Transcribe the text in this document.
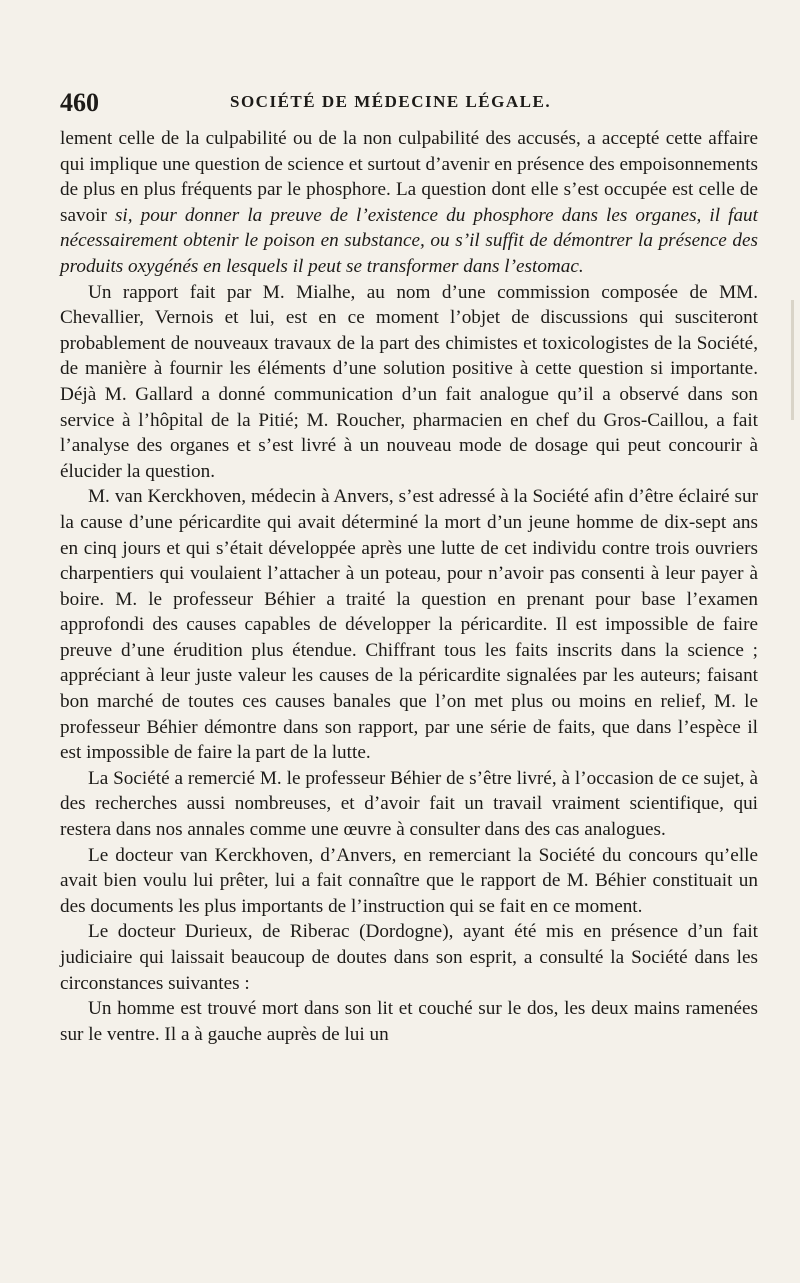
460	SOCIÉTÉ DE MÉDECINE LÉGALE.

lement celle de la culpabilité ou de la non culpabilité des accusés, a accepté cette affaire qui implique une question de science et surtout d’avenir en présence des empoisonnements de plus en plus fréquents par le phosphore. La question dont elle s’est occupée est celle de savoir si, pour donner la preuve de l’existence du phosphore dans les organes, il faut nécessairement obtenir le poison en substance, ou s’il suffit de démontrer la présence des produits oxygénés en lesquels il peut se transformer dans l’estomac.

Un rapport fait par M. Mialhe, au nom d’une commission composée de MM. Chevallier, Vernois et lui, est en ce moment l’objet de discussions qui susciteront probablement de nouveaux travaux de la part des chimistes et toxicologistes de la Société, de manière à fournir les éléments d’une solution positive à cette question si importante. Déjà M. Gallard a donné communication d’un fait analogue qu’il a observé dans son service à l’hôpital de la Pitié; M. Roucher, pharmacien en chef du Gros-Caillou, a fait l’analyse des organes et s’est livré à un nouveau mode de dosage qui peut concourir à élucider la question.

M. van Kerckhoven, médecin à Anvers, s’est adressé à la Société afin d’être éclairé sur la cause d’une péricardite qui avait déterminé la mort d’un jeune homme de dix-sept ans en cinq jours et qui s’était développée après une lutte de cet individu contre trois ouvriers charpentiers qui voulaient l’attacher à un poteau, pour n’avoir pas consenti à leur payer à boire. M. le professeur Béhier a traité la question en prenant pour base l’examen approfondi des causes capables de développer la péricardite. Il est impossible de faire preuve d’une érudition plus étendue. Chiffrant tous les faits inscrits dans la science ; appréciant à leur juste valeur les causes de la péricardite signalées par les auteurs; faisant bon marché de toutes ces causes banales que l’on met plus ou moins en relief, M. le professeur Béhier démontre dans son rapport, par une série de faits, que dans l’espèce il est impossible de faire la part de la lutte.

La Société a remercié M. le professeur Béhier de s’être livré, à l’occasion de ce sujet, à des recherches aussi nombreuses, et d’avoir fait un travail vraiment scientifique, qui restera dans nos annales comme une œuvre à consulter dans des cas analogues.

Le docteur van Kerckhoven, d’Anvers, en remerciant la Société du concours qu’elle avait bien voulu lui prêter, lui a fait connaître que le rapport de M. Béhier constituait un des documents les plus importants de l’instruction qui se fait en ce moment.

Le docteur Durieux, de Riberac (Dordogne), ayant été mis en présence d’un fait judiciaire qui laissait beaucoup de doutes dans son esprit, a consulté la Société dans les circonstances suivantes :

Un homme est trouvé mort dans son lit et couché sur le dos, les deux mains ramenées sur le ventre. Il a à gauche auprès de lui un
